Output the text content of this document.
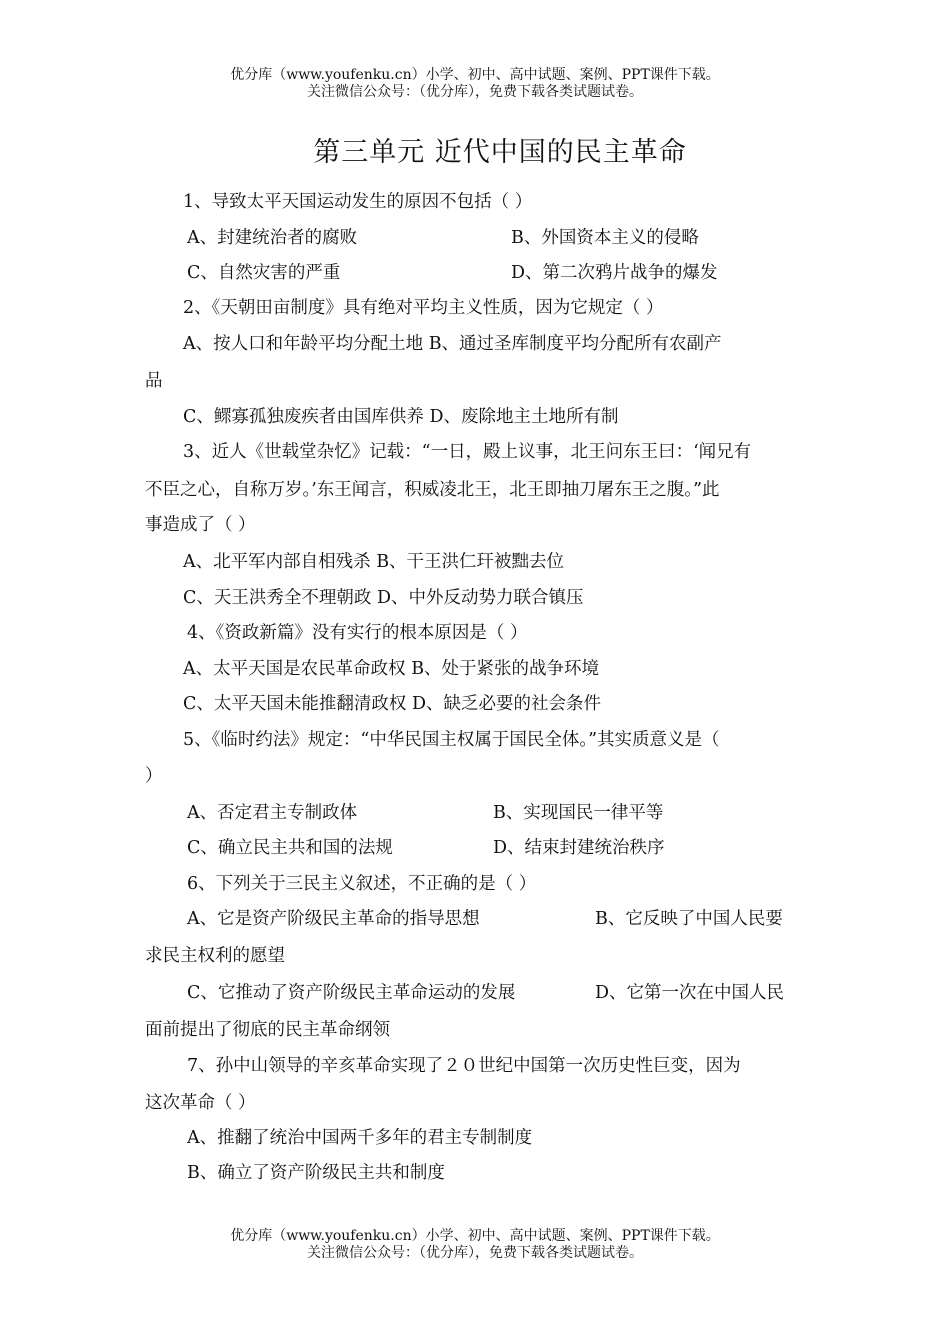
优分库（www.youfenku.cn）小学、初中、高中试题、案例、PPT课件下载。
关注微信公众号：（优分库），免费下载各类试题试卷。
第三单元 近代中国的民主革命
1、导致太平天国运动发生的原因不包括（ ）
A、封建统治者的腐败	B、外国资本主义的侵略
C、自然灾害的严重	D、第二次鸦片战争的爆发
2、《天朝田亩制度》具有绝对平均主义性质，因为它规定（ ）
A、按人口和年龄平均分配土地 B、通过圣库制度平均分配所有农副产
品
C、鳏寡孤独废疾者由国库供养 D、废除地主土地所有制
3、近人《世载堂杂忆》记载：“一日，殿上议事，北王问东王曰：‘闻兄有
不臣之心，自称万岁。’东王闻言，积威凌北王，北王即抽刀屠东王之腹。”此
事造成了（ ）
A、北平军内部自相残杀 B、干王洪仁玕被黜去位
C、天王洪秀全不理朝政 D、中外反动势力联合镇压
4、《资政新篇》没有实行的根本原因是（ ）
A、太平天国是农民革命政权 B、处于紧张的战争环境
C、太平天国未能推翻清政权 D、缺乏必要的社会条件
5、《临时约法》规定：“中华民国主权属于国民全体。”其实质意义是（
）
A、否定君主专制政体	B、实现国民一律平等
C、确立民主共和国的法规	D、结束封建统治秩序
6、下列关于三民主义叙述，不正确的是（ ）
A、它是资产阶级民主革命的指导思想	B、它反映了中国人民要
求民主权利的愿望
C、它推动了资产阶级民主革命运动的发展	D、它第一次在中国人民
面前提出了彻底的民主革命纲领
7、孙中山领导的辛亥革命实现了２０世纪中国第一次历史性巨变，因为
这次革命（ ）
A、推翻了统治中国两千多年的君主专制制度
B、确立了资产阶级民主共和制度
优分库（www.youfenku.cn）小学、初中、高中试题、案例、PPT课件下载。
关注微信公众号：（优分库），免费下载各类试题试卷。
